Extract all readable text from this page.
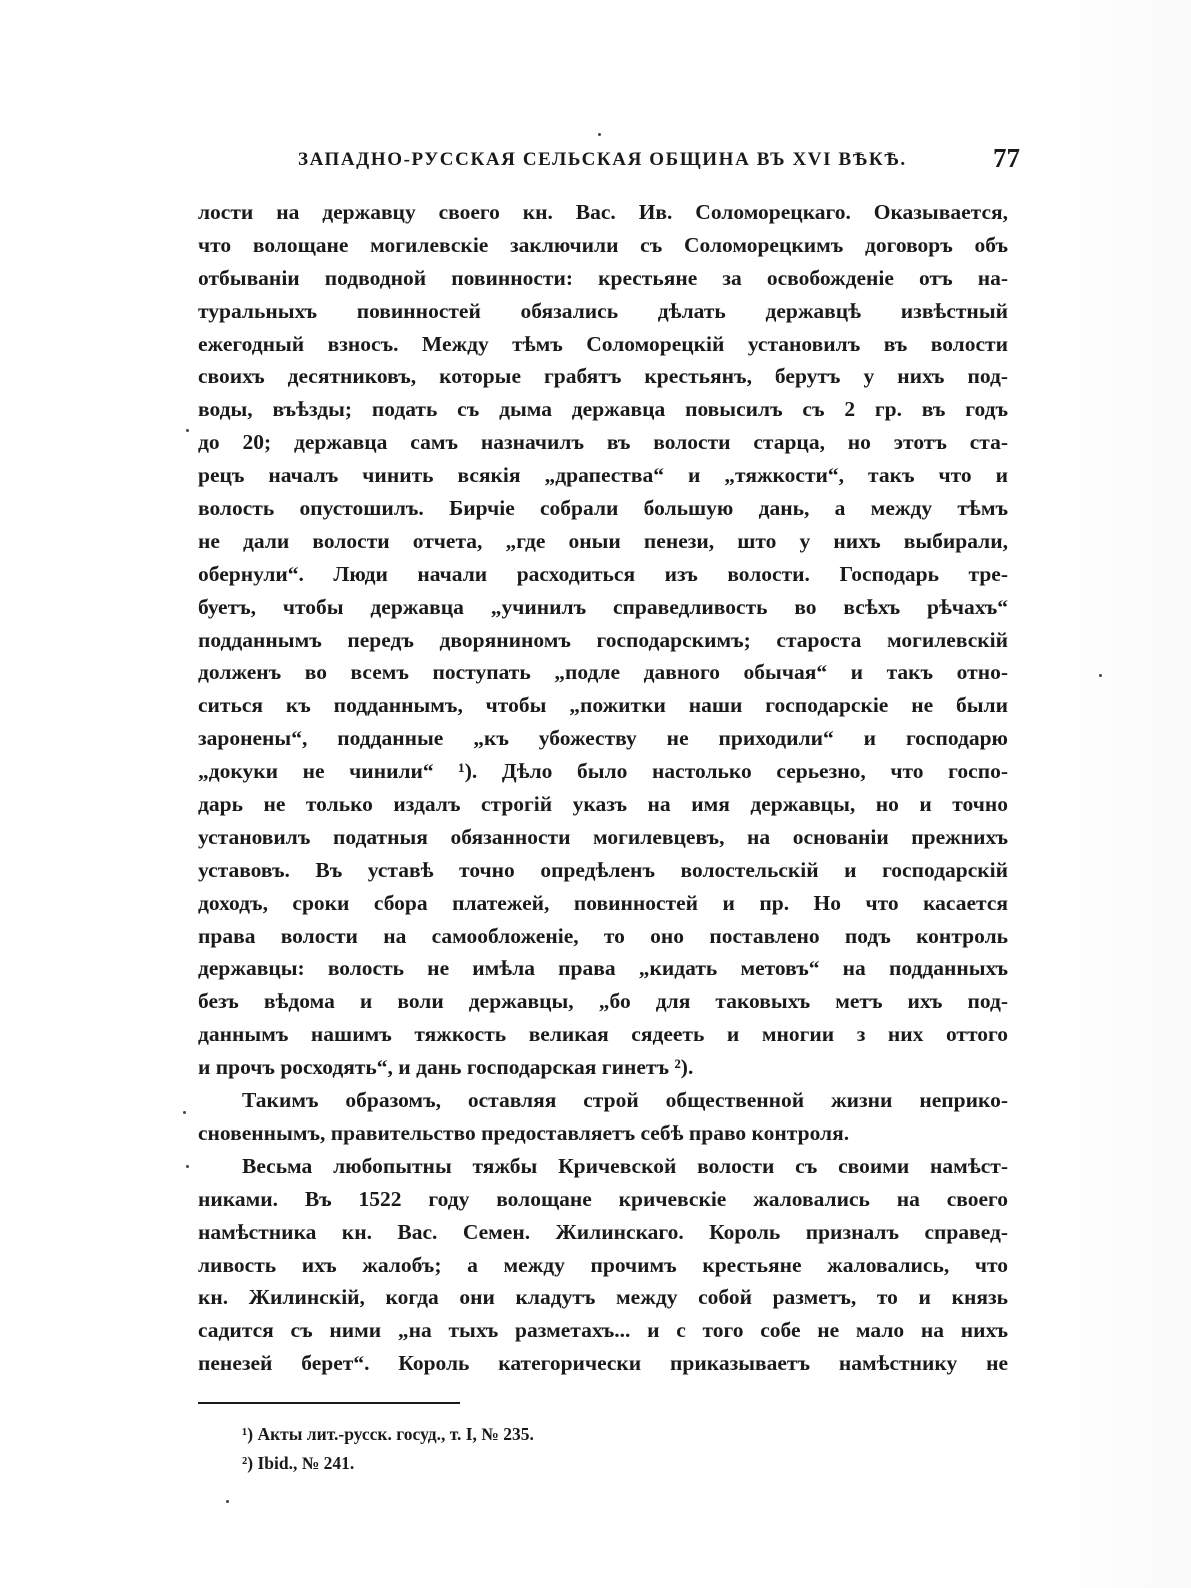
ЗАПАДНО-РУССКАЯ СЕЛЬСКАЯ ОБЩИНА ВЪ XVI ВѢКѢ.	77
лости на державцу своего кн. Вас. Ив. Соломорецкаго. Оказывается,
что волощане могилевскіе заключили съ Соломорецкимъ договоръ объ
отбываніи подводной повинности: крестьяне за освобожденіе отъ на-
туральныхъ повинностей обязались дѣлать державцѣ извѣстный
ежегодный взносъ. Между тѣмъ Соломорецкій установилъ въ волости
своихъ десятниковъ, которые грабятъ крестьянъ, берутъ у нихъ под-
воды, въѣзды; подать съ дыма державца повысилъ съ 2 гр. въ годъ
до 20; державца самъ назначилъ въ волости старца, но этотъ ста-
рецъ началъ чинить всякія „драпества“ и „тяжкости“, такъ что и
волость опустошилъ. Бирчіе собрали большую дань, а между тѣмъ
не дали волости отчета, „где оныи пенези, што у нихъ выбирали,
обернули“. Люди начали расходиться изъ волости. Господарь тре-
буетъ, чтобы державца „учинилъ справедливость во всѣхъ рѣчахъ“
подданнымъ передъ дворяниномъ господарскимъ; староста могилевскій
долженъ во всемъ поступать „подле давного обычая“ и такъ отно-
ситься къ подданнымъ, чтобы „пожитки наши господарскіе не были
заронены“, подданные „къ убожеству не приходили“ и господарю
„докуки не чинили“ ¹). Дѣло было настолько серьезно, что госпо-
дарь не только издалъ строгій указъ на имя державцы, но и точно
установилъ податныя обязанности могилевцевъ, на основаніи прежнихъ
уставовъ. Въ уставѣ точно опредѣленъ волостельскій и господарскій
доходъ, сроки сбора платежей, повинностей и пр. Но что касается
права волости на самообложеніе, то оно поставлено подъ контроль
державцы: волость не имѣла права „кидать метовъ“ на подданныхъ
безъ вѣдома и воли державцы, „бо для таковыхъ метъ ихъ под-
даннымъ нашимъ тяжкость великая сядееть и многии з них оттого
и прочъ росходять“, и дань господарская гинетъ ²).
Такимъ образомъ, оставляя строй общественной жизни неприко-
сновеннымъ, правительство предоставляетъ себѣ право контроля.
Весьма любопытны тяжбы Кричевской волости съ своими намѣст-
никами. Въ 1522 году волощане кричевскіе жаловались на своего
намѣстника кн. Вас. Семен. Жилинскаго. Король призналъ справед-
ливость ихъ жалобъ; а между прочимъ крестьяне жаловались, что
кн. Жилинскій, когда они кладутъ между собой разметъ, то и князь
садится съ ними „на тыхъ разметахъ... и с того собе не мало на нихъ
пенезей берет“. Король категорически приказываетъ намѣстнику не
¹) Акты лит.-русск. госуд., т. I, № 235.
²) Ibid., № 241.
